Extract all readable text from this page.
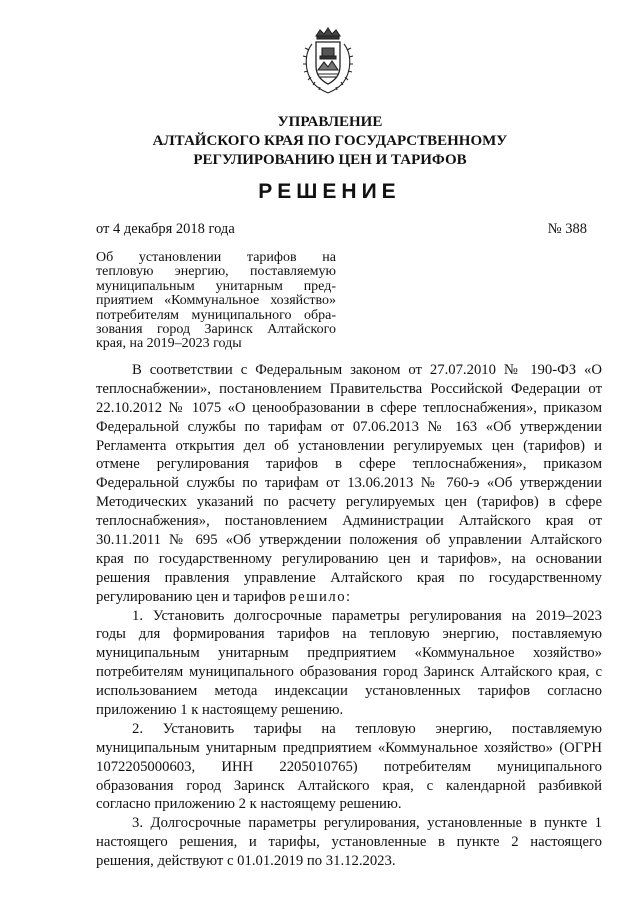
УПРАВЛЕНИЕ
АЛТАЙСКОГО КРАЯ ПО ГОСУДАРСТВЕННОМУ
РЕГУЛИРОВАНИЮ ЦЕН И ТАРИФОВ
РЕШЕНИЕ
от 4 декабря 2018 года	№ 388
Об установлении тарифов на
тепловую энергию, поставляемую
муниципальным унитарным пред-
приятием «Коммунальное хозяйство»
потребителям муниципального обра-
зования город Заринск Алтайского
края, на 2019–2023 годы

В соответствии с Федеральным законом от 27.07.2010 № 190-ФЗ «О

теплоснабжении», постановлением Правительства Российской Федерации от

22.10.2012 № 1075 «О ценообразовании в сфере теплоснабжения», приказом

Федеральной службы по тарифам от 07.06.2013 № 163 «Об утверждении

Регламента открытия дел об установлении регулируемых цен (тарифов) и

отмене регулирования тарифов в сфере теплоснабжения», приказом

Федеральной службы по тарифам от 13.06.2013 № 760-э «Об утверждении

Методических указаний по расчету регулируемых цен (тарифов) в сфере

теплоснабжения», постановлением Администрации Алтайского края от

30.11.2011 № 695 «Об утверждении положения об управлении Алтайского

края по государственному регулированию цен и тарифов», на основании

решения правления управление Алтайского края по государственному

регулированию цен и тарифов решило:

1. Установить долгосрочные параметры регулирования на 2019–2023

годы для формирования тарифов на тепловую энергию, поставляемую

муниципальным унитарным предприятием «Коммунальное хозяйство»

потребителям муниципального образования город Заринск Алтайского края, с

использованием метода индексации установленных тарифов согласно

приложению 1 к настоящему решению.

2. Установить тарифы на тепловую энергию, поставляемую

муниципальным унитарным предприятием «Коммунальное хозяйство» (ОГРН

1072205000603, ИНН 2205010765) потребителям муниципального

образования город Заринск Алтайского края, с календарной разбивкой

согласно приложению 2 к настоящему решению.

3. Долгосрочные параметры регулирования, установленные в пункте 1

настоящего решения, и тарифы, установленные в пункте 2 настоящего

решения, действуют с 01.01.2019 по 31.12.2023.
